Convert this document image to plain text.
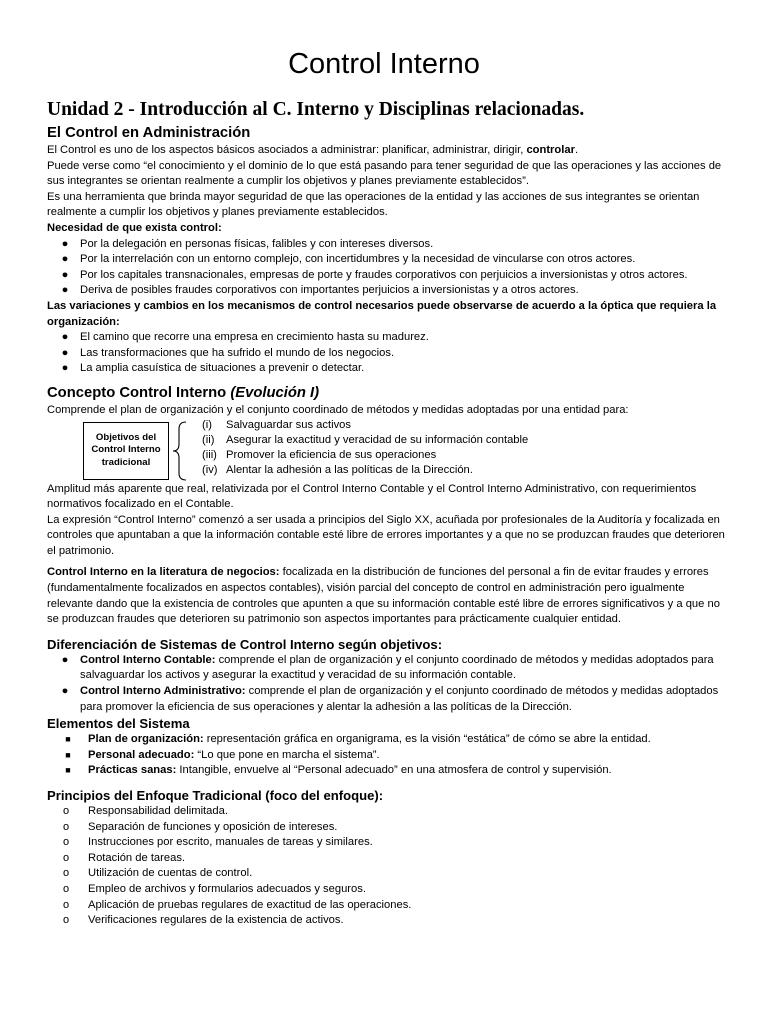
Control Interno
Unidad 2 - Introducción al C. Interno y Disciplinas relacionadas.
El Control en Administración

El Control es uno de los aspectos básicos asociados a administrar: planificar, administrar, dirigir, controlar.

Puede verse como “el conocimiento y el dominio de lo que está pasando para tener seguridad de que las operaciones y las acciones de sus integrantes se orientan realmente a cumplir los objetivos y planes previamente establecidos”.

Es una herramienta que brinda mayor seguridad de que las operaciones de la entidad y las acciones de sus integrantes se orientan realmente a cumplir los objetivos y planes previamente establecidos.

Necesidad de que exista control:

●	Por la delegación en personas físicas, falibles y con intereses diversos.
●	Por la interrelación con un entorno complejo, con incertidumbres y la necesidad de vincularse con otros actores.
●	Por los capitales transnacionales, empresas de porte y fraudes corporativos con perjuicios a inversionistas y otros actores.
●	Deriva de posibles fraudes corporativos con importantes perjuicios a inversionistas y a otros actores.

Las variaciones y cambios en los mecanismos de control necesarios puede observarse de acuerdo a la óptica que requiera la organización:

●	El camino que recorre una empresa en crecimiento hasta su madurez.
●	Las transformaciones que ha sufrido el mundo de los negocios.
●	La amplia casuística de situaciones a prevenir o detectar.
Concepto Control Interno (Evolución I)

Comprende el plan de organización y el conjunto coordinado de métodos y medidas adoptadas por una entidad para:

Objetivos del Control Interno tradicional
(i)	Salvaguardar sus activos
(ii)	Asegurar la exactitud y veracidad de su información contable
(iii) Promover la eficiencia de sus operaciones
(iv) Alentar la adhesión a las políticas de la Dirección.

Amplitud más aparente que real, relativizada por el Control Interno Contable y el Control Interno Administrativo, con requerimientos normativos focalizado en el Contable.

La expresión “Control Interno” comenzó a ser usada a principios del Siglo XX, acuñada por profesionales de la Auditoría y focalizada en controles que apuntaban a que la información contable esté libre de errores importantes y a que no se produzcan fraudes que deterioren el patrimonio.

Control Interno en la literatura de negocios: focalizada en la distribución de funciones del personal a fin de evitar fraudes y errores (fundamentalmente focalizados en aspectos contables), visión parcial del concepto de control en administración pero igualmente relevante dando que la existencia de controles que apunten a que su información contable esté libre de errores significativos y a que no se produzcan fraudes que deterioren su patrimonio son aspectos importantes para prácticamente cualquier entidad.

Diferenciación de Sistemas de Control Interno según objetivos:
●	Control Interno Contable: comprende el plan de organización y el conjunto coordinado de métodos y medidas adoptados para salvaguardar los activos y asegurar la exactitud y veracidad de su información contable.
●	Control Interno Administrativo: comprende el plan de organización y el conjunto coordinado de métodos y medidas adoptados para promover la eficiencia de sus operaciones y alentar la adhesión a las políticas de la Dirección.
Elementos del Sistema
■	Plan de organización: representación gráfica en organigrama, es la visión “estática” de cómo se abre la entidad.
■	Personal adecuado: “Lo que pone en marcha el sistema”.
■	Prácticas sanas: Intangible, envuelve al “Personal adecuado” en una atmosfera de control y supervisión.
Principios del Enfoque Tradicional (foco del enfoque):
o	Responsabilidad delimitada.
o	Separación de funciones y oposición de intereses.
o	Instrucciones por escrito, manuales de tareas y similares.
o	Rotación de tareas.
o	Utilización de cuentas de control.
o	Empleo de archivos y formularios adecuados y seguros.
o	Aplicación de pruebas regulares de exactitud de las operaciones.
o	Verificaciones regulares de la existencia de activos.
